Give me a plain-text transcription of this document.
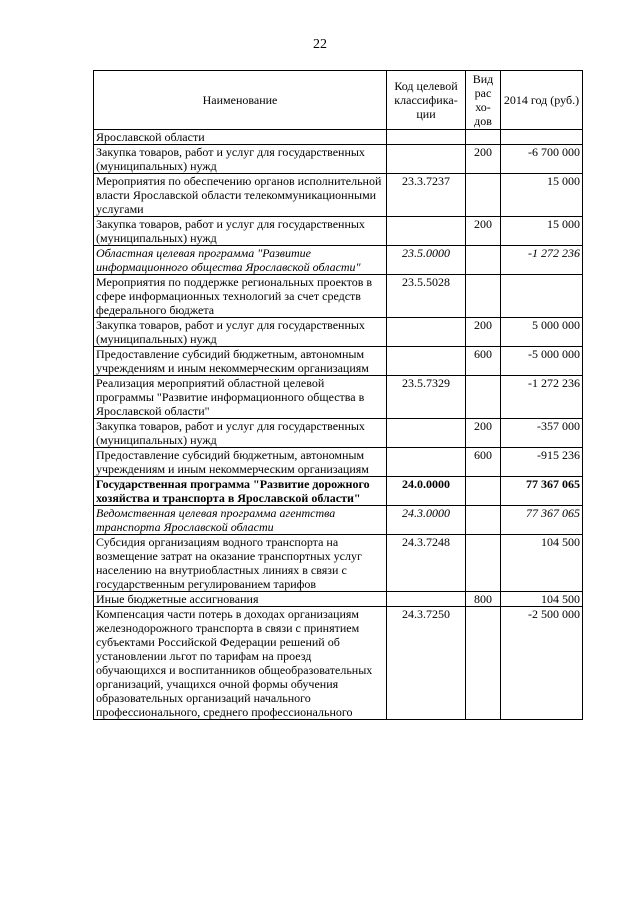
22
Наименование	Код целевой классифика-ции	Вид рас хо-дов	2014 год (руб.)
Ярославской области			
Закупка товаров, работ и услуг для государственных (муниципальных) нужд		200	-6 700 000
Мероприятия по обеспечению органов исполнительной власти Ярославской области телекоммуникационными услугами	23.3.7237		15 000
Закупка товаров, работ и услуг для государственных (муниципальных) нужд		200	15 000
Областная целевая программа "Развитие информационного общества Ярославской области"	23.5.0000		-1 272 236
Мероприятия по поддержке региональных проектов в сфере информационных технологий за счет средств федерального бюджета	23.5.5028		
Закупка товаров, работ и услуг для государственных (муниципальных) нужд		200	5 000 000
Предоставление субсидий бюджетным, автономным учреждениям и иным некоммерческим организациям		600	-5 000 000
Реализация мероприятий областной целевой программы "Развитие информационного общества в Ярославской области"	23.5.7329		-1 272 236
Закупка товаров, работ и услуг для государственных (муниципальных) нужд		200	-357 000
Предоставление субсидий бюджетным, автономным учреждениям и иным некоммерческим организациям		600	-915 236
Государственная программа "Развитие дорожного хозяйства и транспорта в Ярославской области"	24.0.0000		77 367 065
Ведомственная целевая программа агентства транспорта Ярославской области	24.3.0000		77 367 065
Субсидия организациям водного транспорта на возмещение затрат на оказание транспортных услуг населению на внутриобластных линиях в связи с государственным регулированием тарифов	24.3.7248		104 500
Иные бюджетные ассигнования		800	104 500
Компенсация части потерь в доходах организациям железнодорожного транспорта в связи с принятием субъектами Российской Федерации решений об установлении льгот по тарифам на проезд обучающихся и воспитанников общеобразовательных организаций, учащихся очной формы обучения образовательных организаций начального профессионального, среднего профессионального	24.3.7250		-2 500 000
